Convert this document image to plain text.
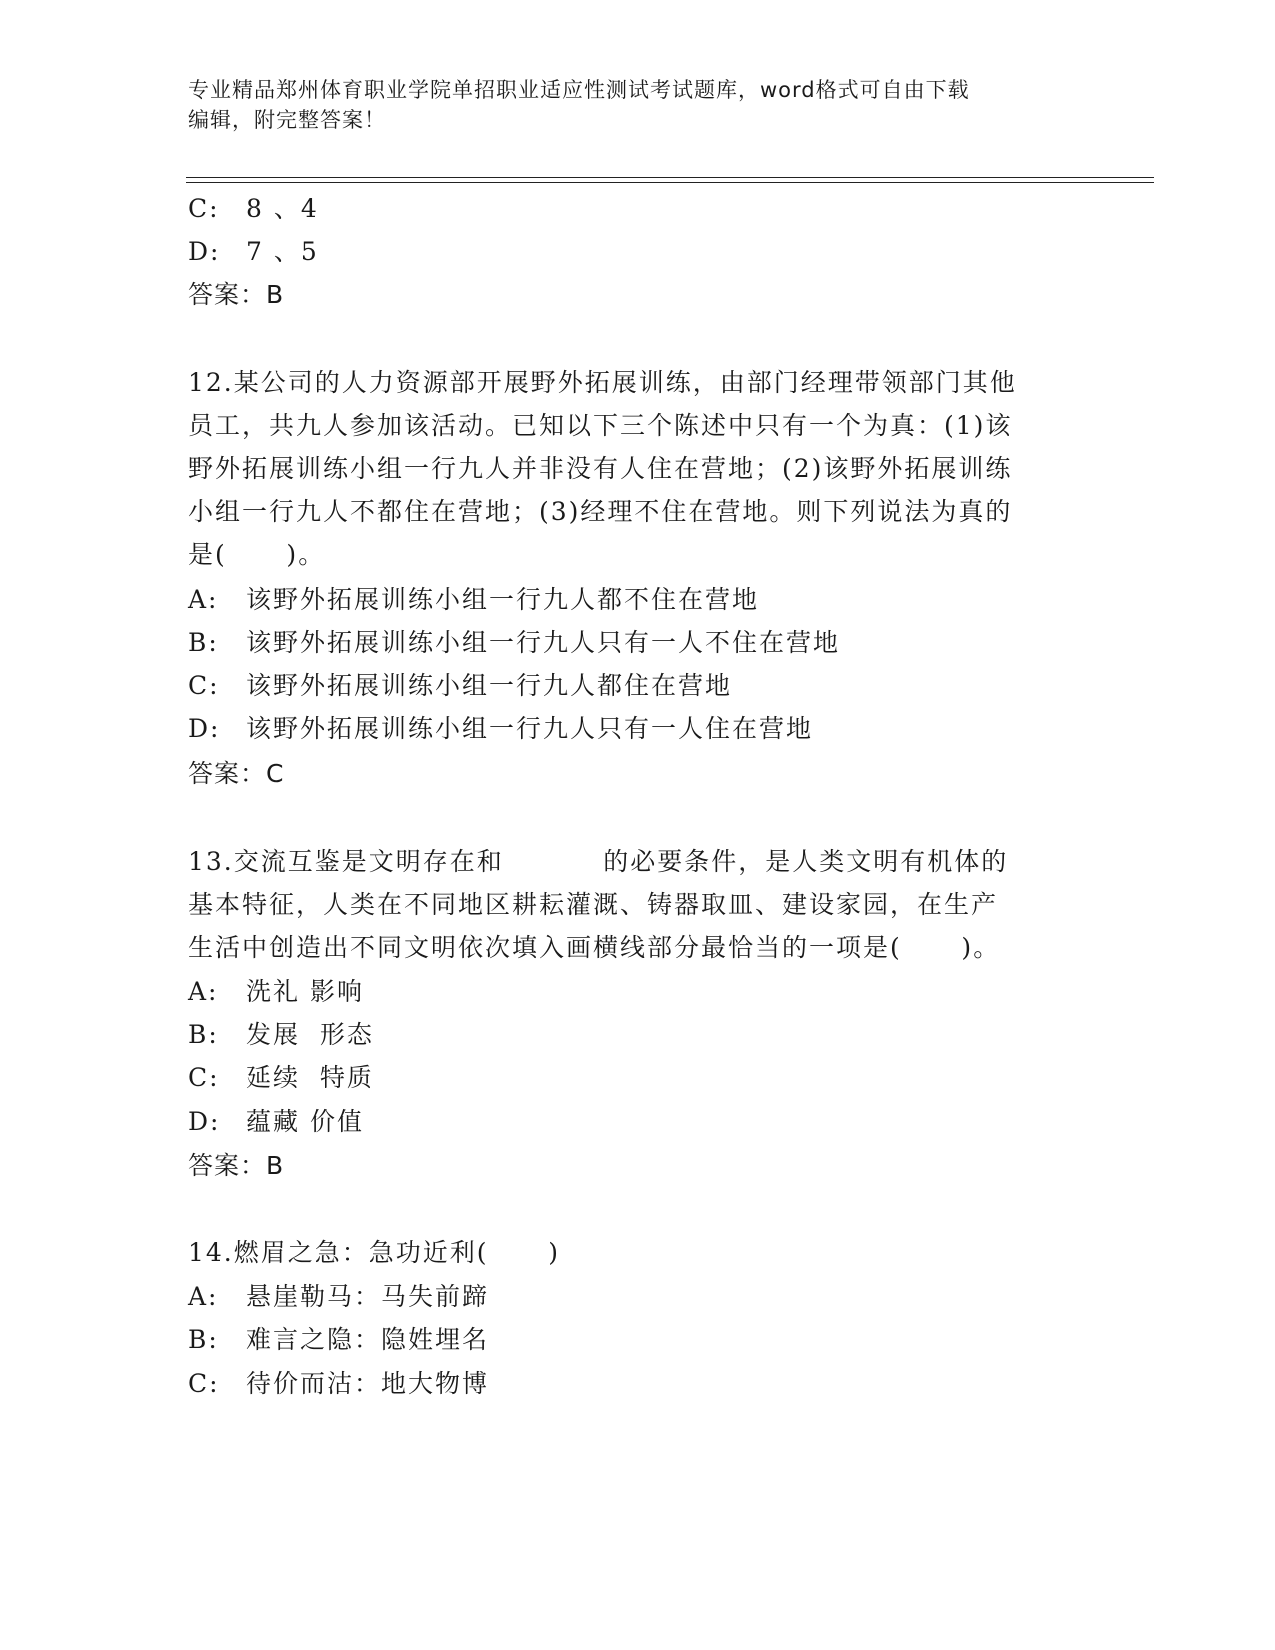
专业精品郑州体育职业学院单招职业适应性测试考试题库，word格式可自由下载
编辑，附完整答案！
C: 8 、4
D: 7 、5
答案：B
12.某公司的人力资源部开展野外拓展训练，由部门经理带领部门其他
员工，共九人参加该活动。已知以下三个陈述中只有一个为真：(1)该
野外拓展训练小组一行九人并非没有人住在营地；(2)该野外拓展训练
小组一行九人不都住在营地；(3)经理不住在营地。则下列说法为真的
是(      )。
A: 该野外拓展训练小组一行九人都不住在营地
B: 该野外拓展训练小组一行九人只有一人不住在营地
C: 该野外拓展训练小组一行九人都住在营地
D: 该野外拓展训练小组一行九人只有一人住在营地
答案：C
13.交流互鉴是文明存在和          的必要条件，是人类文明有机体的
基本特征，人类在不同地区耕耘灌溉、铸器取皿、建设家园，在生产
生活中创造出不同文明依次填入画横线部分最恰当的一项是(      )。
A: 洗礼 影响
B: 发展  形态
C: 延续  特质
D: 蕴藏 价值
答案：B
14.燃眉之急：急功近利(      )
A: 悬崖勒马：马失前蹄
B: 难言之隐：隐姓埋名
C: 待价而沽：地大物博
